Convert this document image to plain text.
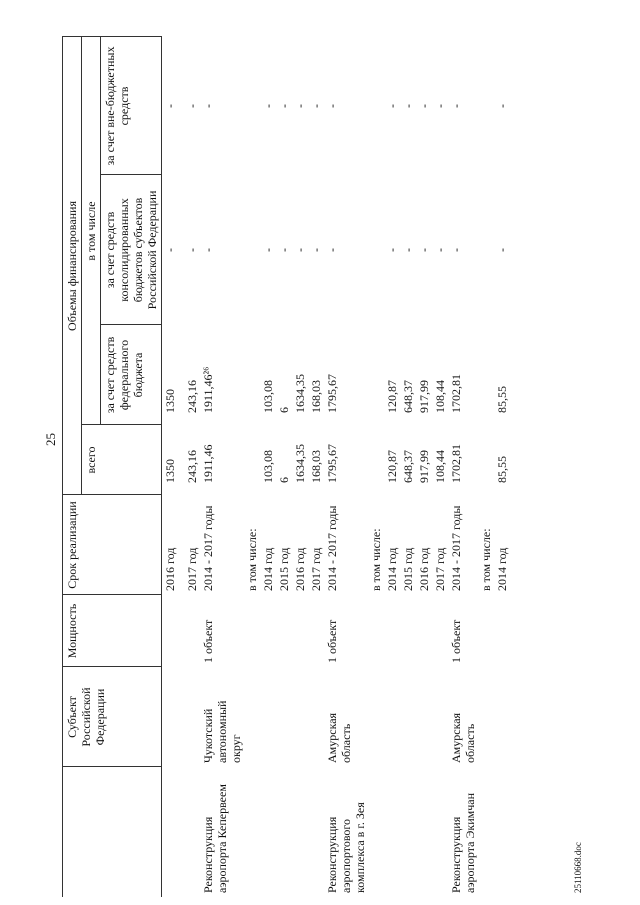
25
25110668.doc
	Субъект Российской Федерации	Мощность	Срок реализации	Объемы финансирования			
				всего	в том числе		
					за счет средств федерального бюджета	за счет средств консолидированных бюджетов субъектов Российской Федерации	за счет вне-бюджетных средств
			2016 год	1350	1350	-	-
			2017 год	243,16	243,16	-	-
Реконструкция аэропорта Кепервеем	Чукотский автономный округ	1 объект	2014 - 2017 годы	1911,46	1911,46²⁶	-	-
			в том числе:				
			2014 год	103,08	103,08	-	-
			2015 год	6	6	-	-
			2016 год	1634,35	1634,35	-	-
			2017 год	168,03	168,03	-	-
Реконструкция аэропортового комплекса в г. Зея	Амурская область	1 объект	2014 - 2017 годы	1795,67	1795,67	-	-
			в том числе:				
			2014 год	120,87	120,87	-	-
			2015 год	648,37	648,37	-	-
			2016 год	917,99	917,99	-	-
			2017 год	108,44	108,44	-	-
Реконструкция аэропорта Экимчан	Амурская область	1 объект	2014 - 2017 годы	1702,81	1702,81	-	-
			в том числе:				
			2014 год	85,55	85,55	-	-
